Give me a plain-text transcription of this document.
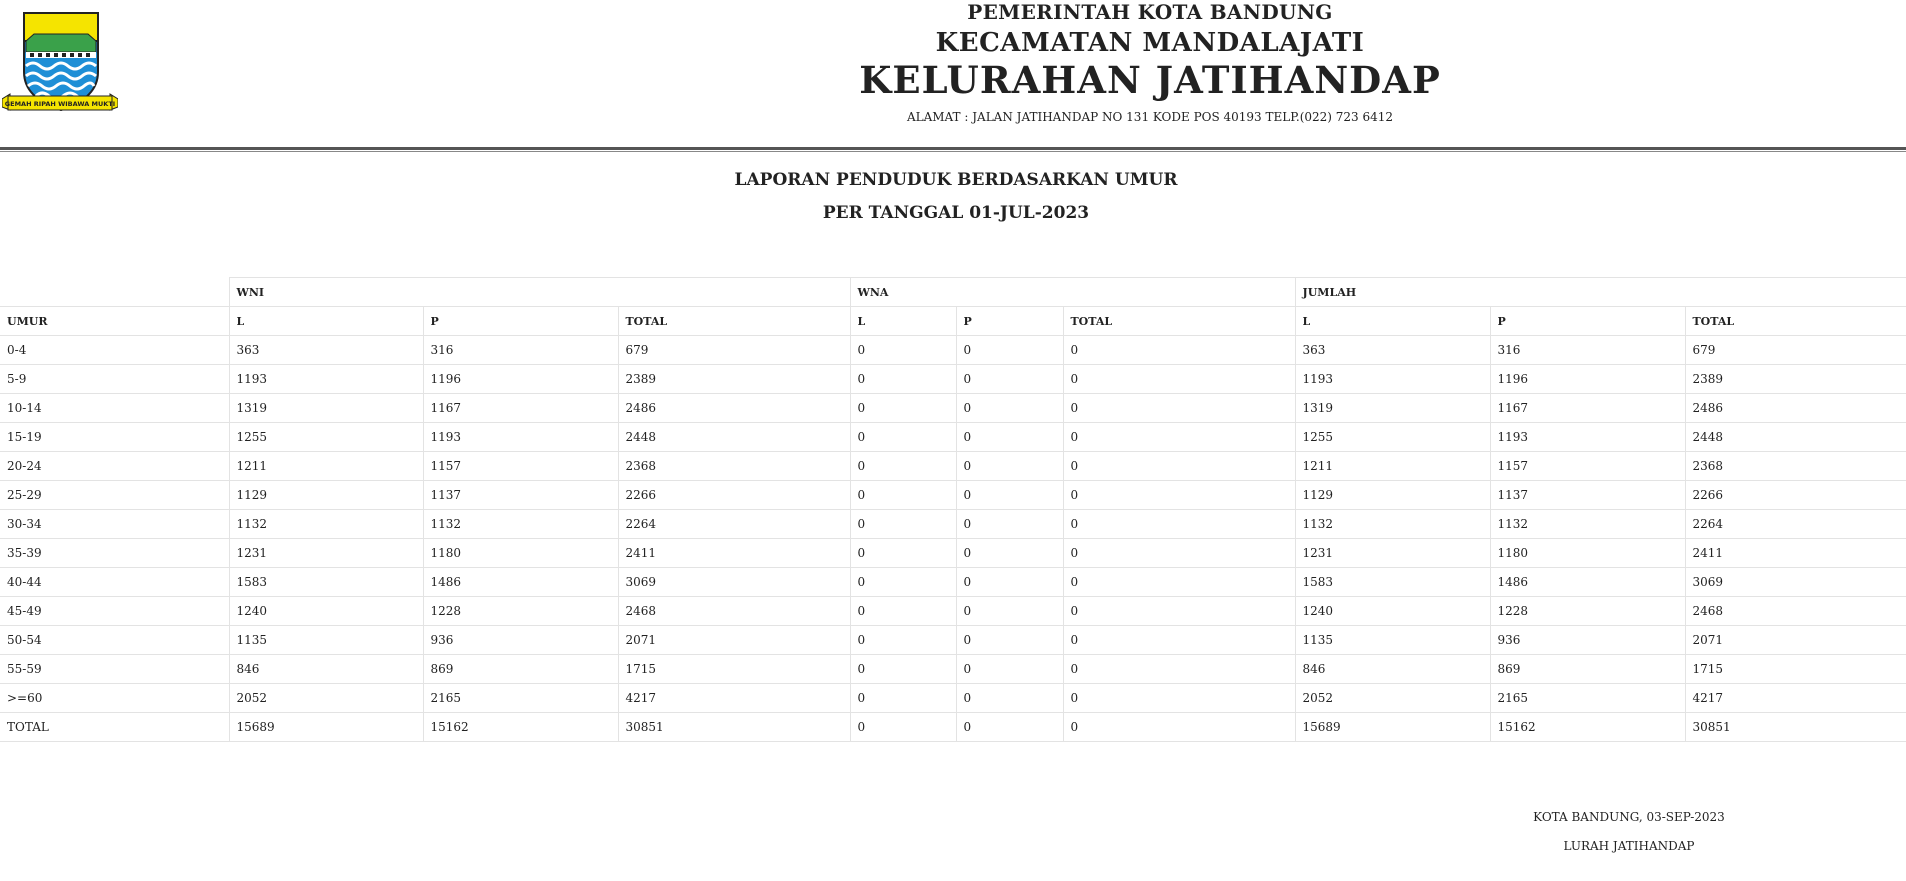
GEMAH RIPAH WIBAWA MUKTI
PEMERINTAH KOTA BANDUNG
KECAMATAN MANDALAJATI
KELURAHAN JATIHANDAP
ALAMAT : JALAN JATIHANDAP NO 131 KODE POS 40193 TELP.(022) 723 6412
LAPORAN PENDUDUK BERDASARKAN UMUR
PER TANGGAL 01-JUL-2023
	WNI			WNA			JUMLAH		
UMUR	L	P	TOTAL	L	P	TOTAL	L	P	TOTAL
0-4	363	316	679	0	0	0	363	316	679
5-9	1193	1196	2389	0	0	0	1193	1196	2389
10-14	1319	1167	2486	0	0	0	1319	1167	2486
15-19	1255	1193	2448	0	0	0	1255	1193	2448
20-24	1211	1157	2368	0	0	0	1211	1157	2368
25-29	1129	1137	2266	0	0	0	1129	1137	2266
30-34	1132	1132	2264	0	0	0	1132	1132	2264
35-39	1231	1180	2411	0	0	0	1231	1180	2411
40-44	1583	1486	3069	0	0	0	1583	1486	3069
45-49	1240	1228	2468	0	0	0	1240	1228	2468
50-54	1135	936	2071	0	0	0	1135	936	2071
55-59	846	869	1715	0	0	0	846	869	1715
>=60	2052	2165	4217	0	0	0	2052	2165	4217
TOTAL	15689	15162	30851	0	0	0	15689	15162	30851
KOTA BANDUNG, 03-SEP-2023
LURAH JATIHANDAP
